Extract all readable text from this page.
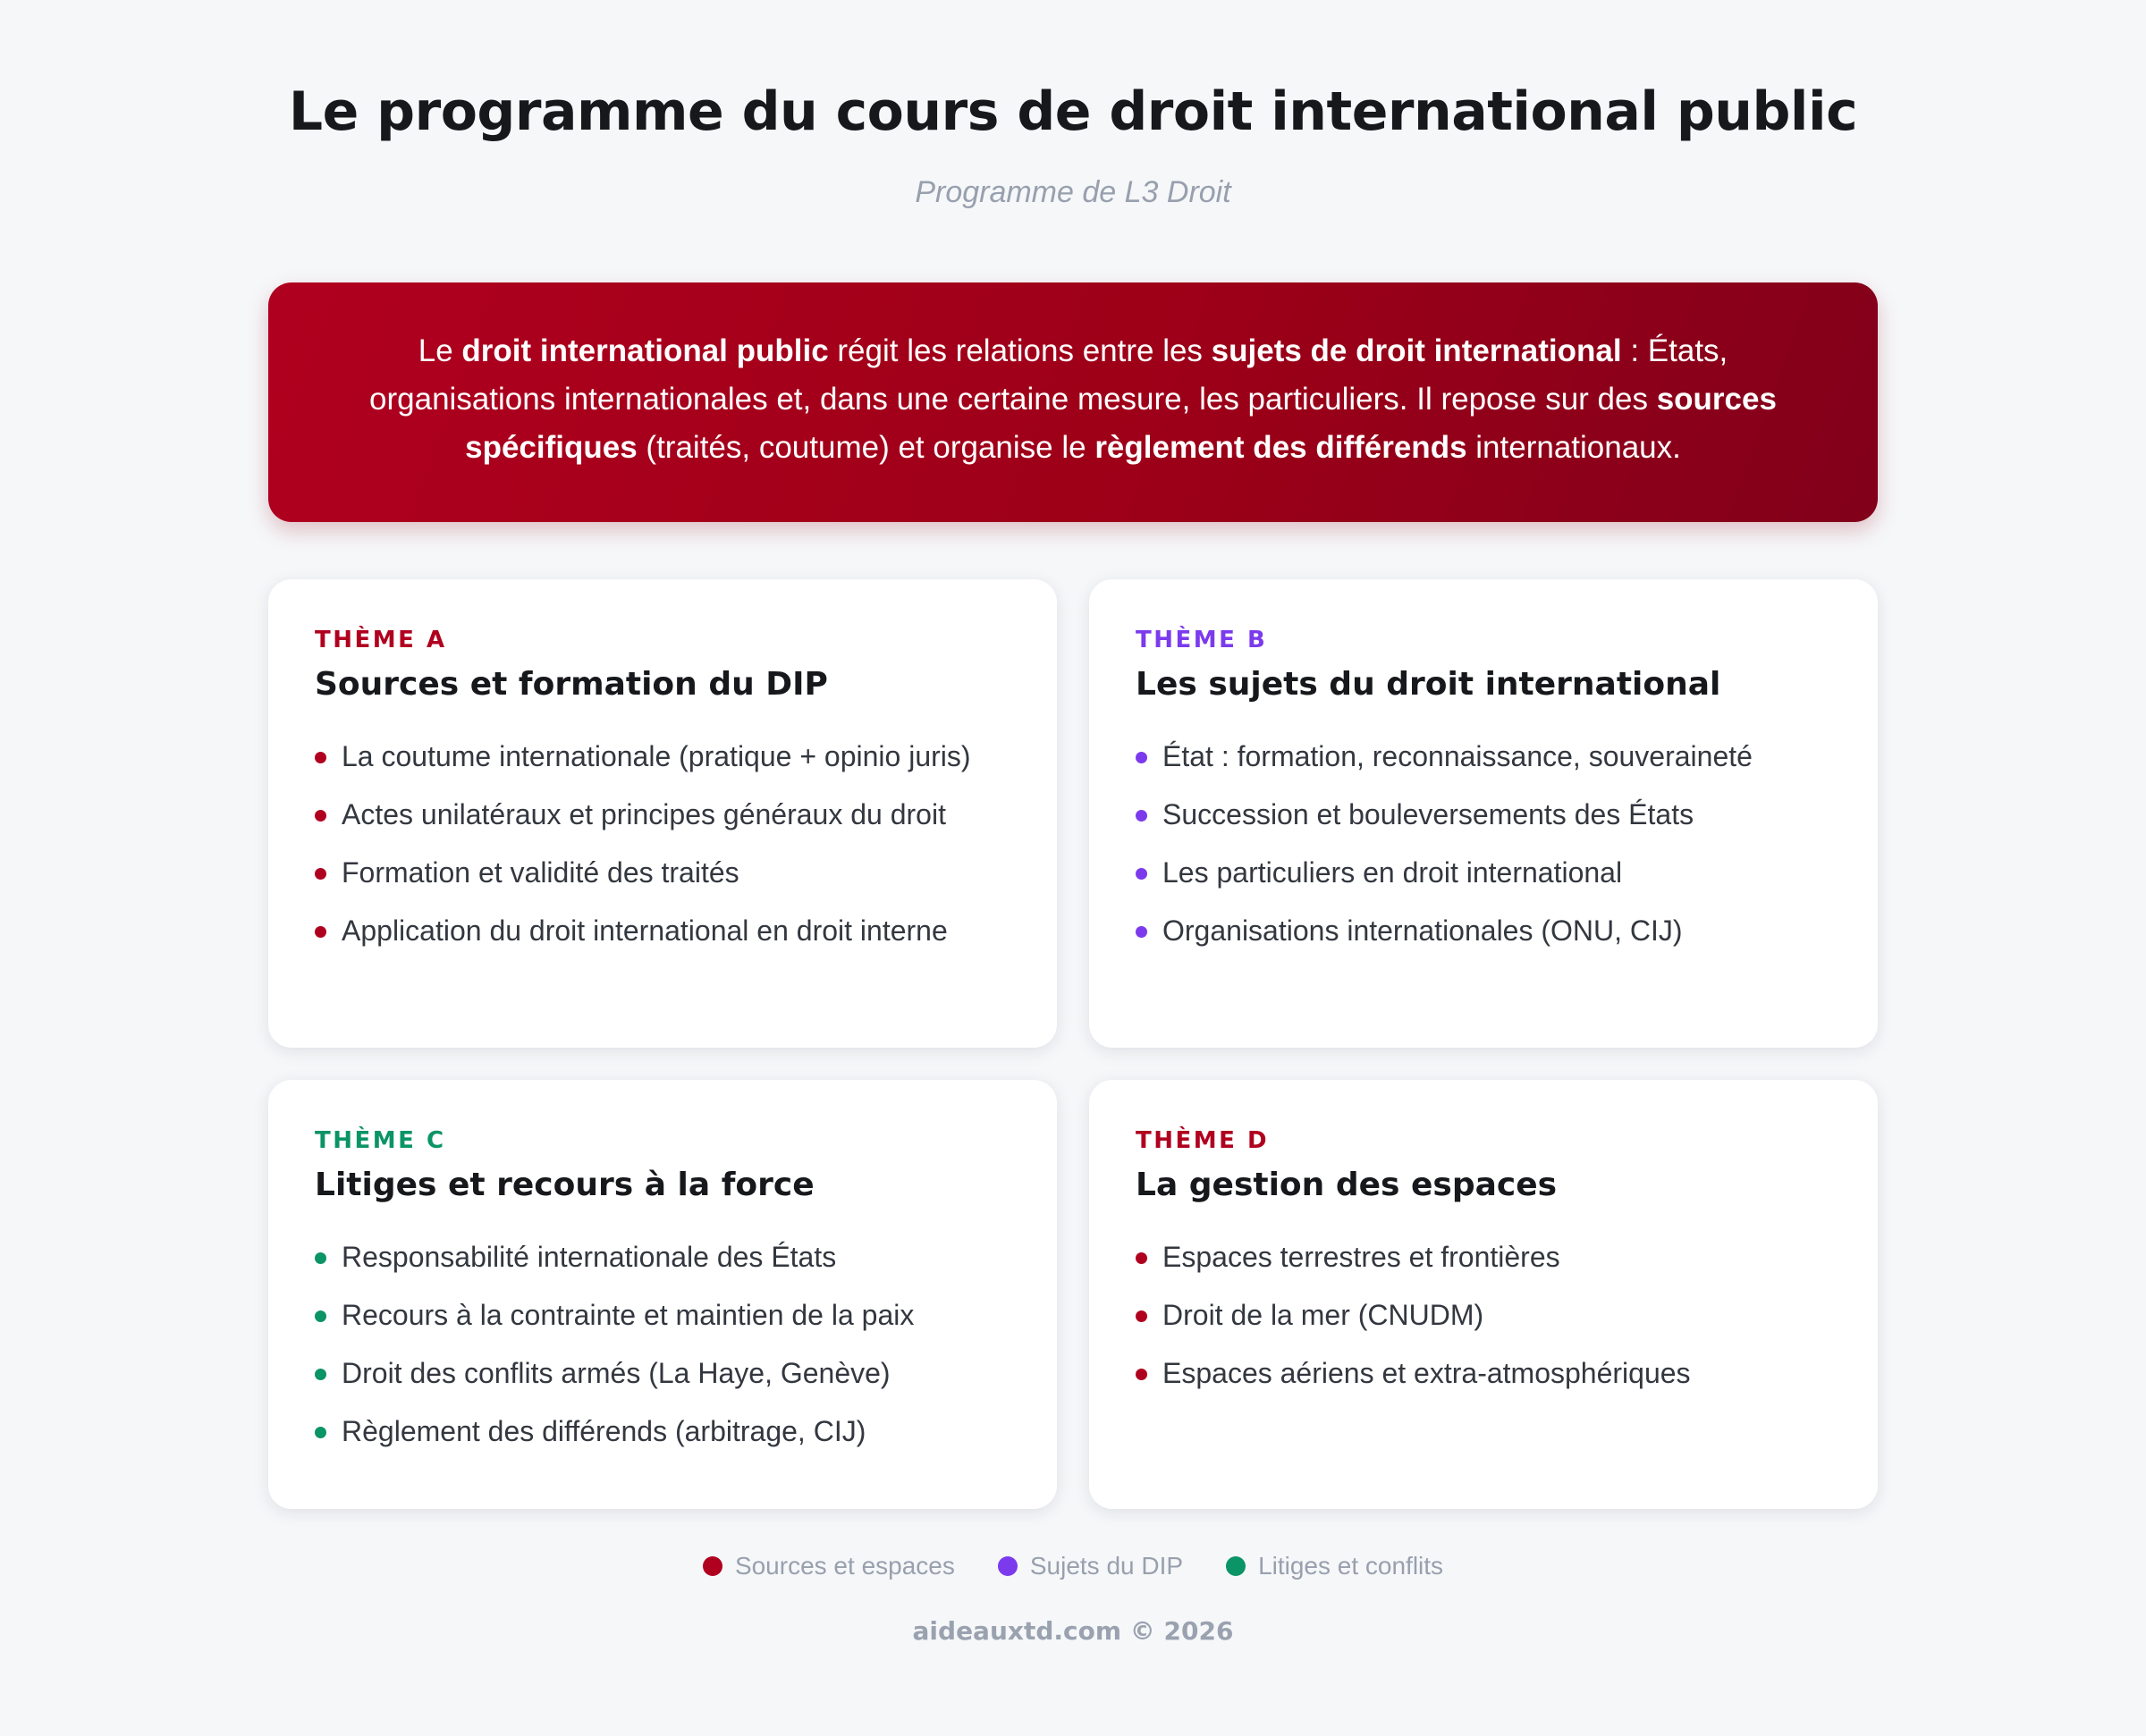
Le programme du cours de droit international public
Programme de L3 Droit

Le droit international public régit les relations entre les sujets de droit international : États, organisations internationales et, dans une certaine mesure, les particuliers. Il repose sur des sources spécifiques (traités, coutume) et organise le règlement des différends internationaux.

THÈME A
Sources et formation du DIP
La coutume internationale (pratique + opinio juris)
Actes unilatéraux et principes généraux du droit
Formation et validité des traités
Application du droit international en droit interne
THÈME B
Les sujets du droit international
État : formation, reconnaissance, souveraineté
Succession et bouleversements des États
Les particuliers en droit international
Organisations internationales (ONU, CIJ)
THÈME C
Litiges et recours à la force
Responsabilité internationale des États
Recours à la contrainte et maintien de la paix
Droit des conflits armés (La Haye, Genève)
Règlement des différends (arbitrage, CIJ)
THÈME D
La gestion des espaces
Espaces terrestres et frontières
Droit de la mer (CNUDM)
Espaces aériens et extra-atmosphériques
Sources et espaces	Sujets du DIP	Litiges et conflits
aideauxtd.com © 2026
